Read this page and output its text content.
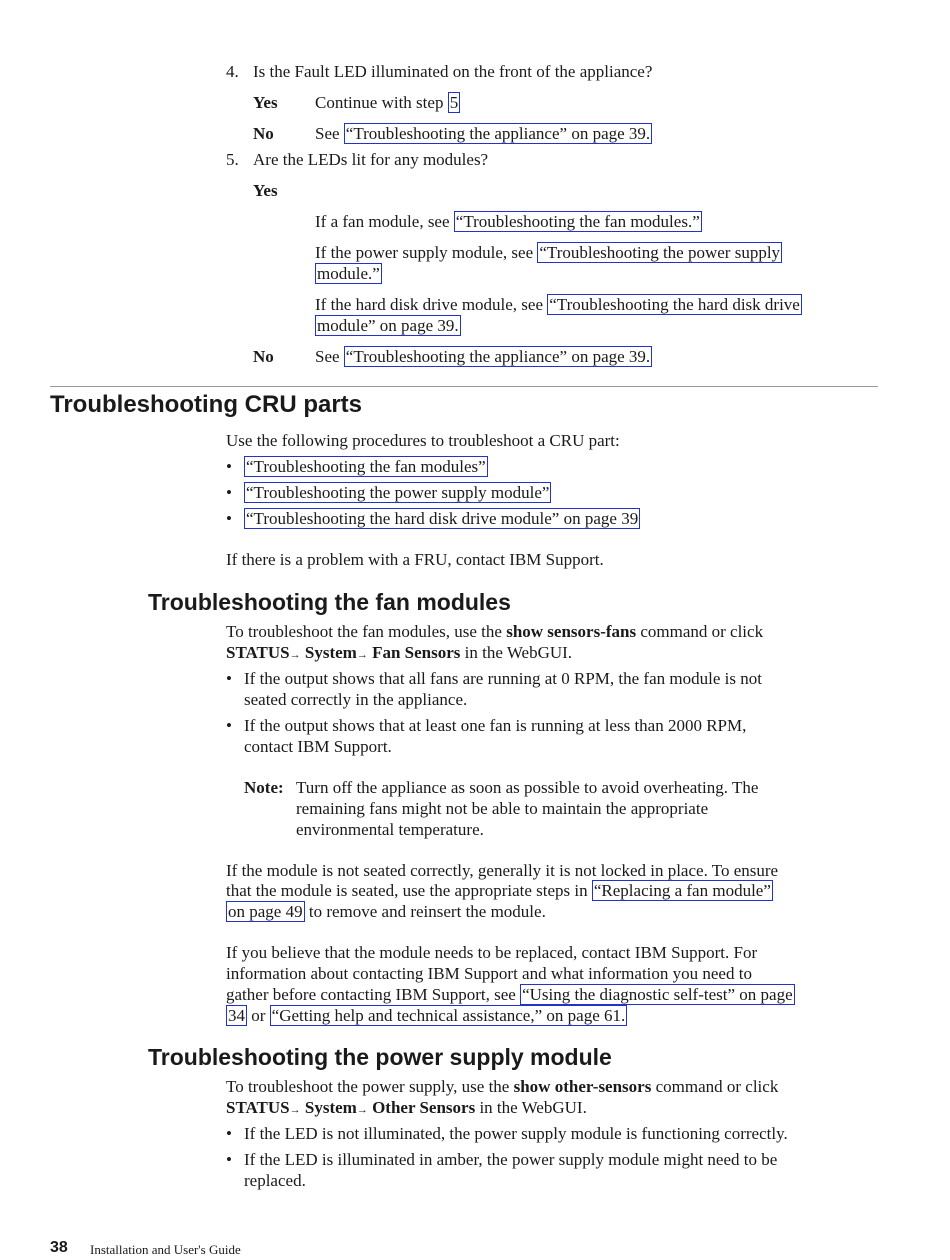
4. Is the Fault LED illuminated on the front of the appliance?

Yes Continue with step 5

No See “Troubleshooting the appliance” on page 39.

5. Are the LEDs lit for any modules?

Yes

If a fan module, see “Troubleshooting the fan modules.”

If the power supply module, see “Troubleshooting the power supply

module.”

If the hard disk drive module, see “Troubleshooting the hard disk drive

module” on page 39.

No See “Troubleshooting the appliance” on page 39.

Troubleshooting CRU parts

Use the following procedures to troubleshoot a CRU part:

• “Troubleshooting the fan modules”

• “Troubleshooting the power supply module”

• “Troubleshooting the hard disk drive module” on page 39

If there is a problem with a FRU, contact IBM Support.

Troubleshooting the fan modules

To troubleshoot the fan modules, use the show sensors-fans command or click

STATUS→ System→ Fan Sensors in the WebGUI.

• If the output shows that all fans are running at 0 RPM, the fan module is not

seated correctly in the appliance.

• If the output shows that at least one fan is running at less than 2000 RPM,

contact IBM Support.

Note: Turn off the appliance as soon as possible to avoid overheating. The

remaining fans might not be able to maintain the appropriate

environmental temperature.

If the module is not seated correctly, generally it is not locked in place. To ensure

that the module is seated, use the appropriate steps in “Replacing a fan module”

on page 49 to remove and reinsert the module.

If you believe that the module needs to be replaced, contact IBM Support. For

information about contacting IBM Support and what information you need to

gather before contacting IBM Support, see “Using the diagnostic self-test” on page

34 or “Getting help and technical assistance,” on page 61.

Troubleshooting the power supply module

To troubleshoot the power supply, use the show other-sensors command or click

STATUS→ System→ Other Sensors in the WebGUI.

• If the LED is not illuminated, the power supply module is functioning correctly.

• If the LED is illuminated in amber, the power supply module might need to be

replaced.

38 Installation and User's Guide
